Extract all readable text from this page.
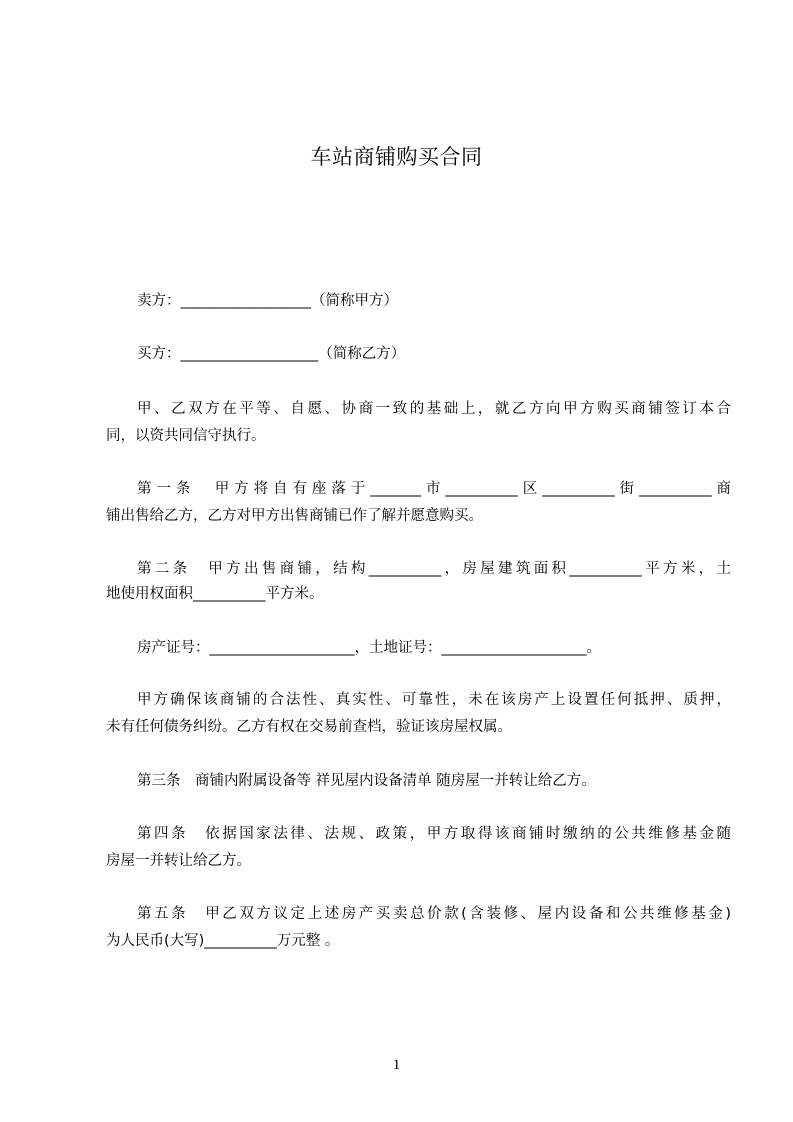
车站商铺购买合同
卖方：__________________（简称甲方）
买方：___________________（简称乙方）
甲、乙双方在平等、自愿、协商一致的基础上，就乙方向甲方购买商铺签订本合
同，以资共同信守执行。
第一条　甲方将自有座落于_______市__________区__________街__________商
铺出售给乙方，乙方对甲方出售商铺已作了解并愿意购买。
第二条　甲方出售商铺，结构__________，房屋建筑面积__________平方米，土
地使用权面积__________平方米。
房产证号：____________________，土地证号：____________________。
甲方确保该商铺的合法性、真实性、可靠性，未在该房产上设置任何抵押、质押，
未有任何债务纠纷。乙方有权在交易前查档，验证该房屋权属。
第三条　商铺内附属设备等 祥见屋内设备清单 随房屋一并转让给乙方。
第四条　依据国家法律、法规、政策，甲方取得该商铺时缴纳的公共维修基金随
房屋一并转让给乙方。
第五条　甲乙双方议定上述房产买卖总价款(含装修、屋内设备和公共维修基金)
为人民币(大写)__________万元整 。
1
